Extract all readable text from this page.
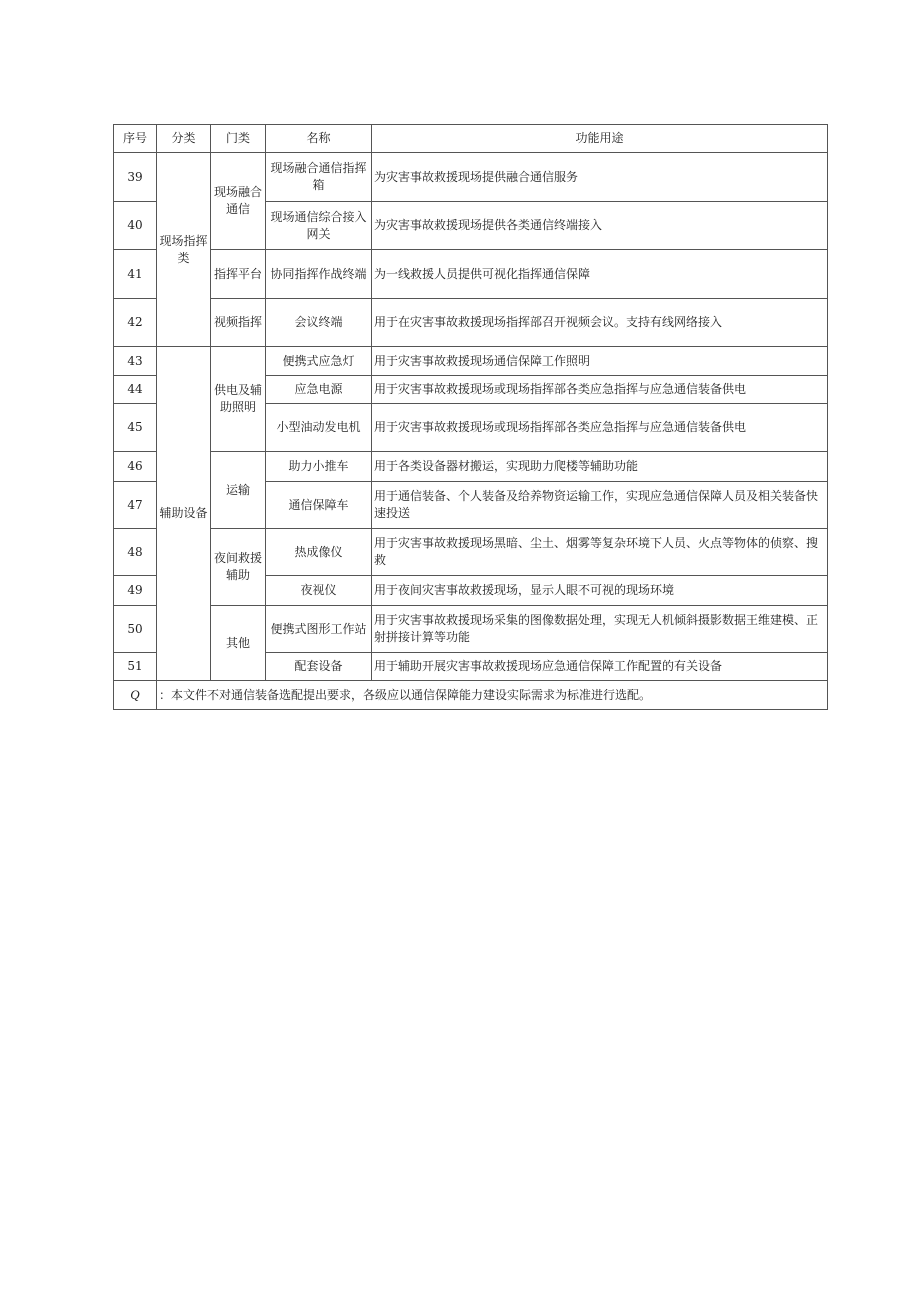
序号	分类	门类	名称	功能用途
39	现场指挥类	现场融合通信	现场融合通信指挥箱	为灾害事故救援现场提供融合通信服务
40			现场通信综合接入网关	为灾害事故救援现场提供各类通信终端接入
41		指挥平台	协同指挥作战终端	为一线救援人员提供可视化指挥通信保障
42		视频指挥	会议终端	用于在灾害事故救援现场指挥部召开视频会议。支持有线网络接入
43	辅助设备	供电及辅助照明	便携式应急灯	用于灾害事故救援现场通信保障工作照明
44			应急电源	用于灾害事故救援现场或现场指挥部各类应急指挥与应急通信装备供电
45			小型油动发电机	用于灾害事故救援现场或现场指挥部各类应急指挥与应急通信装备供电
46		运输	助力小推车	用于各类设备器材搬运，实现助力爬楼等辅助功能
47			通信保障车	用于通信装备、个人装备及给养物资运输工作，实现应急通信保障人员及相关装备快速投送
48		夜间救援辅助	热成像仪	用于灾害事故救援现场黑暗、尘土、烟雾等复杂环境下人员、火点等物体的侦察、搜救
49			夜视仪	用于夜间灾害事故救援现场，显示人眼不可视的现场环境
50		其他	便携式图形工作站	用于灾害事故救援现场采集的图像数据处理，实现无人机倾斜摄影数据王维建模、正射拼接计算等功能
51			配套设备	用于辅助开展灾害事故救援现场应急通信保障工作配置的有关设备
Q	：本文件不对通信装备选配提出要求，各级应以通信保障能力建设实际需求为标准进行选配。			
